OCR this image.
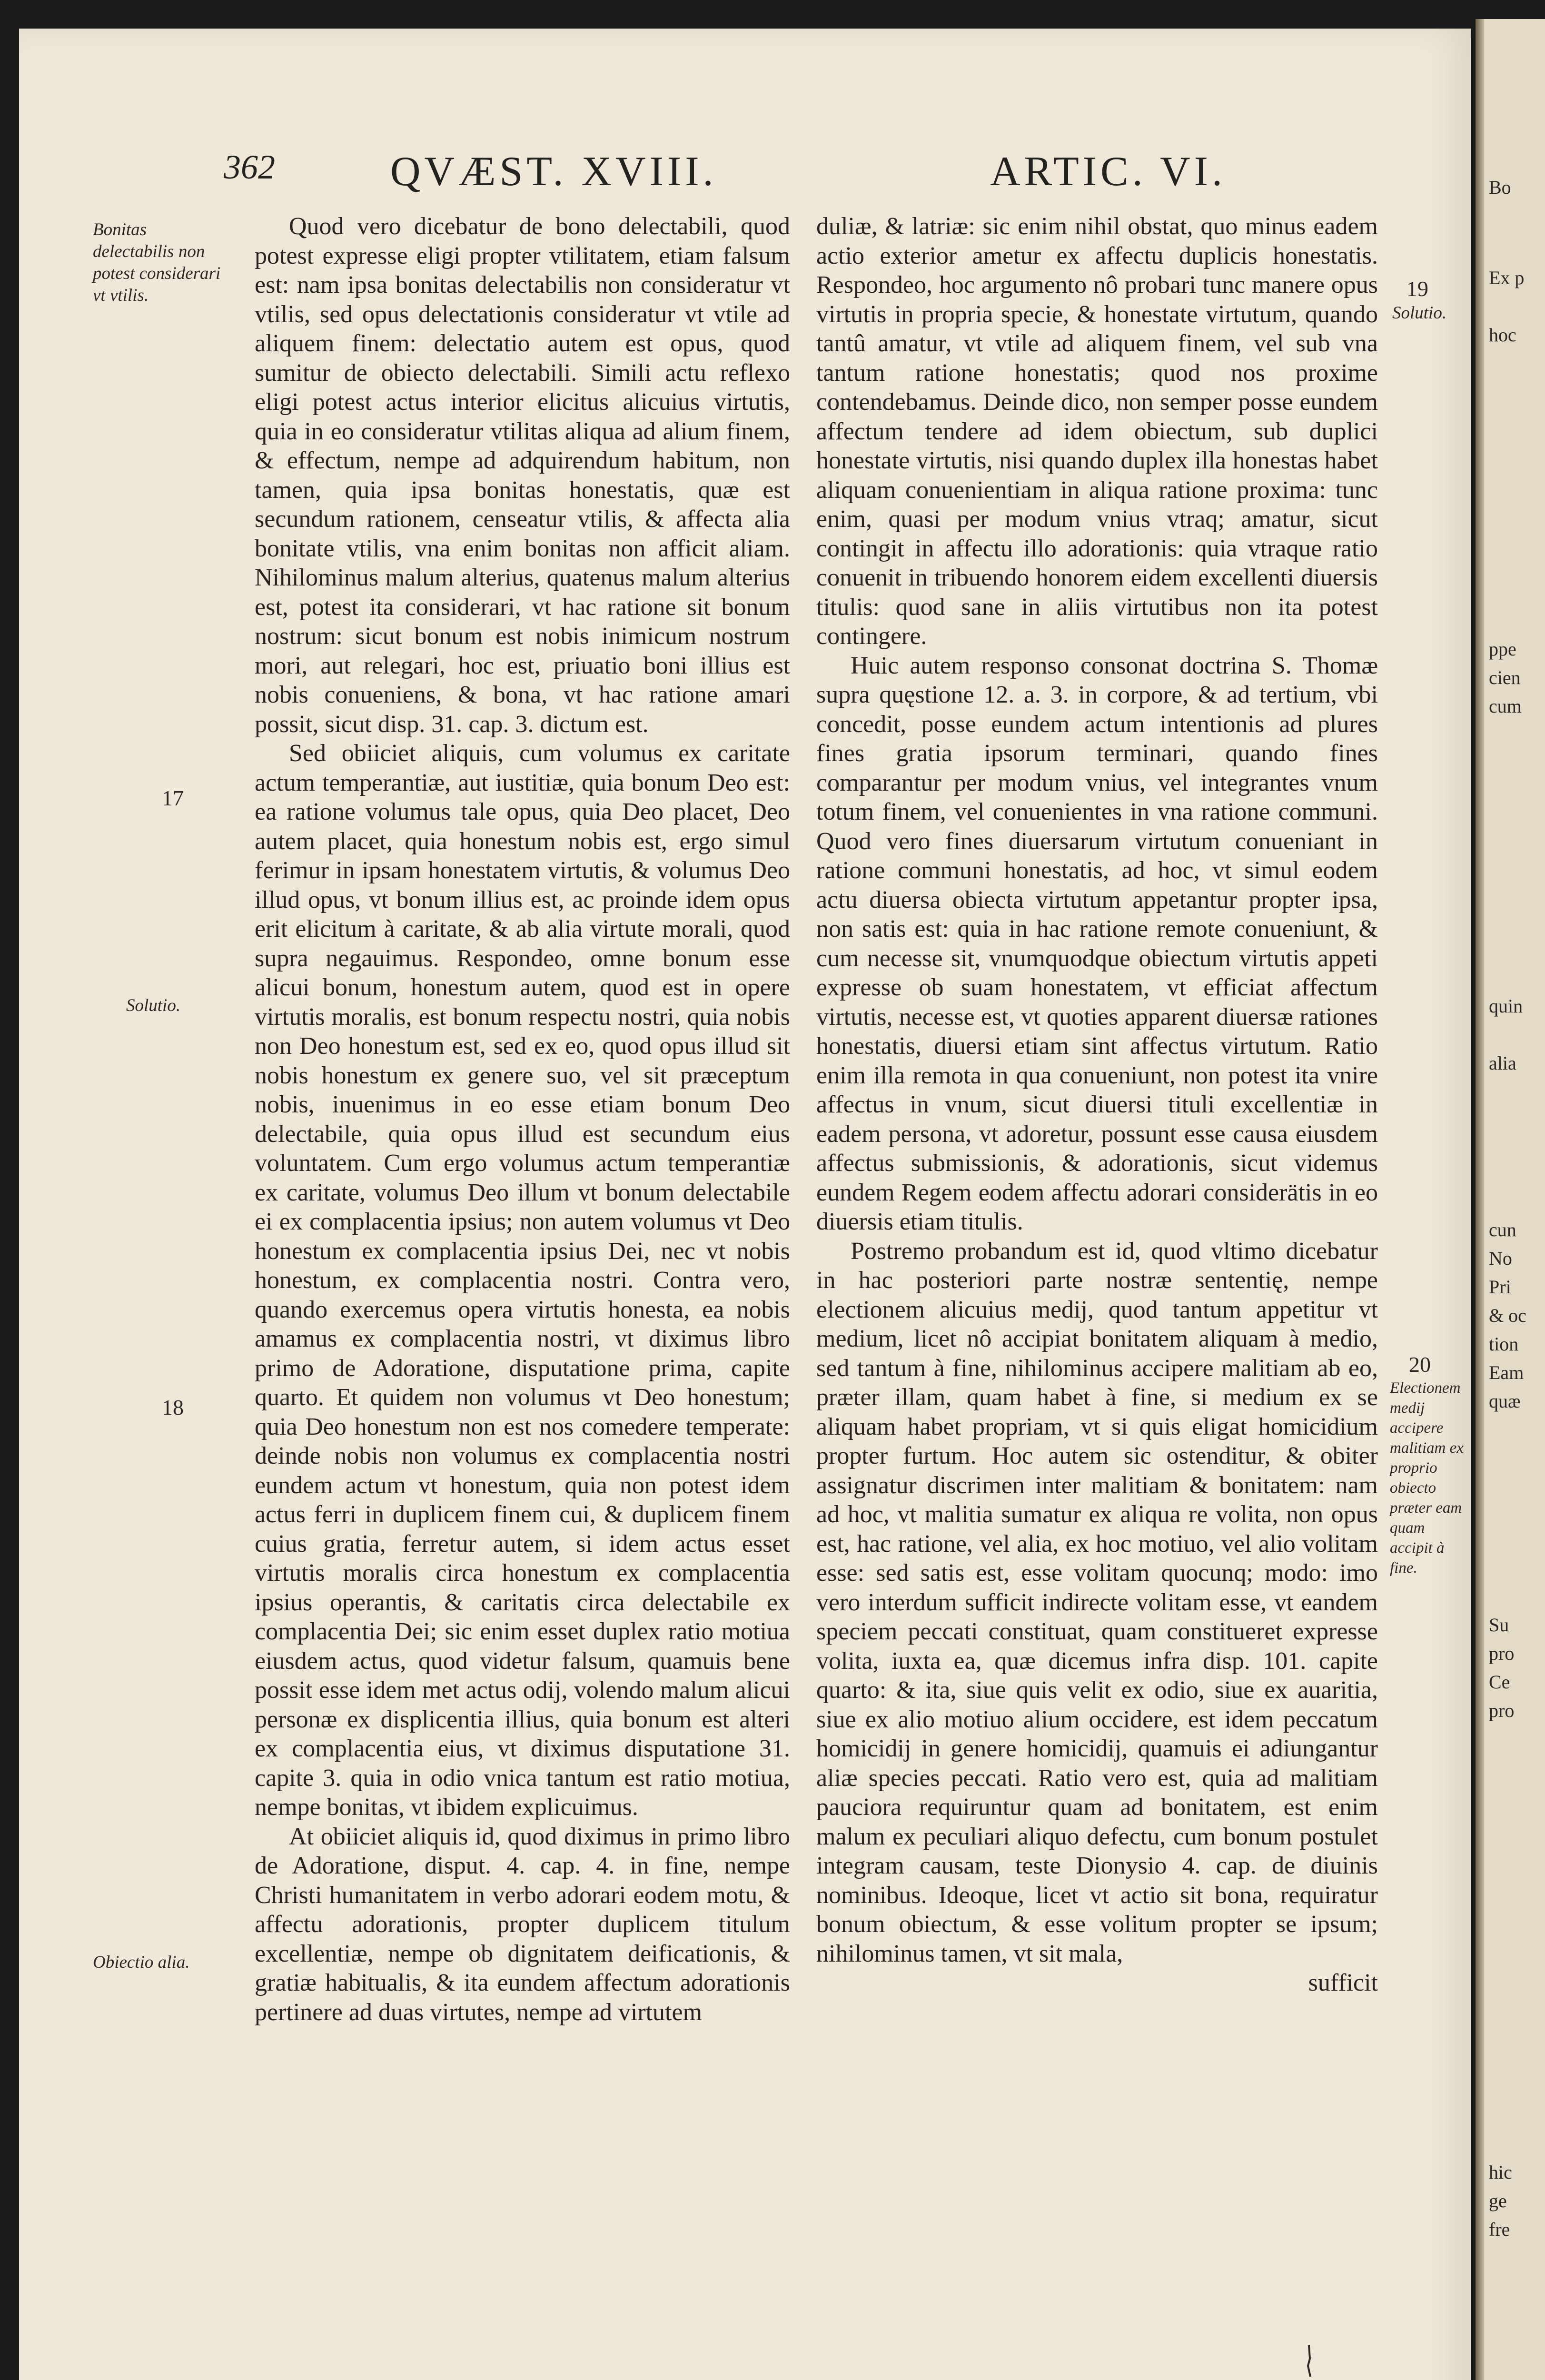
362	QVÆST. XVIII.	ARTIC. VI.
Bonitas delectabilis non potest considerari vt vtilis.
17
Solutio.
18
Obiectio alia.
19
Solutio.
20
Electionem medij accipere malitiam ex proprio obiecto præter eam quam accipit à fine.

Quod vero dicebatur de bono delectabili, quod potest expresse eligi propter vtilitatem, etiam falsum est: nam ipsa bonitas delectabilis non consideratur vt vtilis, sed opus delectationis consideratur vt vtile ad aliquem finem: delectatio autem est opus, quod sumitur de obiecto delectabili. Simili actu reflexo eligi potest actus interior elicitus alicuius virtutis, quia in eo consideratur vtilitas aliqua ad alium finem, & effectum, nempe ad adquirendum habitum, non tamen, quia ipsa bonitas honestatis, quæ est secundum rationem, censeatur vtilis, & affecta alia bonitate vtilis, vna enim bonitas non afficit aliam. Nihilominus malum alterius, quatenus malum alterius est, potest ita considerari, vt hac ratione sit bonum nostrum: sicut bonum est nobis inimicum nostrum mori, aut relegari, hoc est, priuatio boni illius est nobis conueniens, & bona, vt hac ratione amari possit, sicut disp. 31. cap. 3. dictum est.

Sed obiiciet aliquis, cum volumus ex caritate actum temperantiæ, aut iustitiæ, quia bonum Deo est: ea ratione volumus tale opus, quia Deo placet, Deo autem placet, quia honestum nobis est, ergo simul ferimur in ipsam honestatem virtutis, & volumus Deo illud opus, vt bonum illius est, ac proinde idem opus erit elicitum à caritate, & ab alia virtute morali, quod supra negauimus. Respondeo, omne bonum esse alicui bonum, honestum autem, quod est in opere virtutis moralis, est bonum respectu nostri, quia nobis non Deo honestum est, sed ex eo, quod opus illud sit nobis honestum ex genere suo, vel sit præceptum nobis, inuenimus in eo esse etiam bonum Deo delectabile, quia opus illud est secundum eius voluntatem. Cum ergo volumus actum temperantiæ ex caritate, volumus Deo illum vt bonum delectabile ei ex complacentia ipsius; non autem volumus vt Deo honestum ex complacentia ipsius Dei, nec vt nobis honestum, ex complacentia nostri. Contra vero, quando exercemus opera virtutis honesta, ea nobis amamus ex complacentia nostri, vt diximus libro primo de Adoratione, disputatione prima, capite quarto. Et quidem non volumus vt Deo honestum; quia Deo honestum non est nos comedere temperate: deinde nobis non volumus ex complacentia nostri eundem actum vt honestum, quia non potest idem actus ferri in duplicem finem cui, & duplicem finem cuius gratia, ferretur autem, si idem actus esset virtutis moralis circa honestum ex complacentia ipsius operantis, & caritatis circa delectabile ex complacentia Dei; sic enim esset duplex ratio motiua eiusdem actus, quod videtur falsum, quamuis bene possit esse idem met actus odij, volendo malum alicui personæ ex displicentia illius, quia bonum est alteri ex complacentia eius, vt diximus disputatione 31. capite 3. quia in odio vnica tantum est ratio motiua, nempe bonitas, vt ibidem explicuimus.

At obiiciet aliquis id, quod diximus in primo libro de Adoratione, disput. 4. cap. 4. in fine, nempe Christi humanitatem in verbo adorari eodem motu, & affectu adorationis, propter duplicem titulum excellentiæ, nempe ob dignitatem deificationis, & gratiæ habitualis, & ita eundem affectum adorationis pertinere ad duas virtutes, nempe ad virtutem

duliæ, & latriæ: sic enim nihil obstat, quo minus eadem actio exterior ametur ex affectu duplicis honestatis. Respondeo, hoc argumento nô probari tunc manere opus virtutis in propria specie, & honestate virtutum, quando tantû amatur, vt vtile ad aliquem finem, vel sub vna tantum ratione honestatis; quod nos proxime contendebamus. Deinde dico, non semper posse eundem affectum tendere ad idem obiectum, sub duplici honestate virtutis, nisi quando duplex illa honestas habet aliquam conuenientiam in aliqua ratione proxima: tunc enim, quasi per modum vnius vtraq; amatur, sicut contingit in affectu illo adorationis: quia vtraque ratio conuenit in tribuendo honorem eidem excellenti diuersis titulis: quod sane in aliis virtutibus non ita potest contingere.

Huic autem responso consonat doctrina S. Thomæ supra quęstione 12. a. 3. in corpore, & ad tertium, vbi concedit, posse eundem actum intentionis ad plures fines gratia ipsorum terminari, quando fines comparantur per modum vnius, vel integrantes vnum totum finem, vel conuenientes in vna ratione communi. Quod vero fines diuersarum virtutum conueniant in ratione communi honestatis, ad hoc, vt simul eodem actu diuersa obiecta virtutum appetantur propter ipsa, non satis est: quia in hac ratione remote conueniunt, & cum necesse sit, vnumquodque obiectum virtutis appeti expresse ob suam honestatem, vt efficiat affectum virtutis, necesse est, vt quoties apparent diuersæ rationes honestatis, diuersi etiam sint affectus virtutum. Ratio enim illa remota in qua conueniunt, non potest ita vnire affectus in vnum, sicut diuersi tituli excellentiæ in eadem persona, vt adoretur, possunt esse causa eiusdem affectus submissionis, & adorationis, sicut videmus eundem Regem eodem affectu adorari considerätis in eo diuersis etiam titulis.

Postremo probandum est id, quod vltimo dicebatur in hac posteriori parte nostræ sententię, nempe electionem alicuius medij, quod tantum appetitur vt medium, licet nô accipiat bonitatem aliquam à medio, sed tantum à fine, nihilominus accipere malitiam ab eo, præter illam, quam habet à fine, si medium ex se aliquam habet propriam, vt si quis eligat homicidium propter furtum. Hoc autem sic ostenditur, & obiter assignatur discrimen inter malitiam & bonitatem: nam ad hoc, vt malitia sumatur ex aliqua re volita, non opus est, hac ratione, vel alia, ex hoc motiuo, vel alio volitam esse: sed satis est, esse volitam quocunq; modo: imo vero interdum sufficit indirecte volitam esse, vt eandem speciem peccati constituat, quam constitueret expresse volita, iuxta ea, quæ dicemus infra disp. 101. capite quarto: & ita, siue quis velit ex odio, siue ex auaritia, siue ex alio motiuo alium occidere, est idem peccatum homicidij in genere homicidij, quamuis ei adiungantur aliæ species peccati. Ratio vero est, quia ad malitiam pauciora requiruntur quam ad bonitatem, est enim malum ex peculiari aliquo defectu, cum bonum postulet integram causam, teste Dionysio 4. cap. de diuinis nominibus. Ideoque, licet vt actio sit bona, requiratur bonum obiectum, & esse volitum propter se ipsum; nihilominus tamen, vt sit mala,

sufficit

Bo
Ex p
hoc
ppe
cien
cum
quin
alia
cun
No
Pri
& oc
tion
Eam
quæ
Su
pro
Ce
pro
hic
ge
fre
